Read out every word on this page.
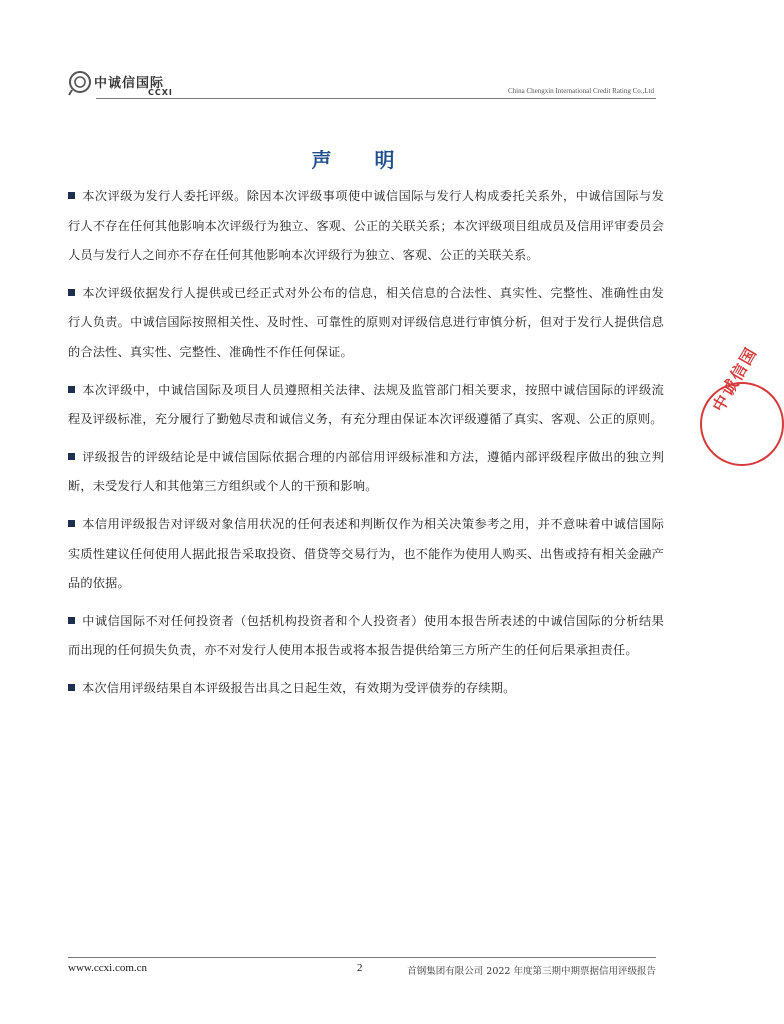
中诚信国际
CCXI	China Chengxin International Credit Rating Co.,Ltd
声 明

本次评级为发行人委托评级。除因本次评级事项使中诚信国际与发行人构成委托关系外，中诚信国际与发行人不存在任何其他影响本次评级行为独立、客观、公正的关联关系；本次评级项目组成员及信用评审委员会人员与发行人之间亦不存在任何其他影响本次评级行为独立、客观、公正的关联关系。

本次评级依据发行人提供或已经正式对外公布的信息，相关信息的合法性、真实性、完整性、准确性由发行人负责。中诚信国际按照相关性、及时性、可靠性的原则对评级信息进行审慎分析，但对于发行人提供信息的合法性、真实性、完整性、准确性不作任何保证。

本次评级中，中诚信国际及项目人员遵照相关法律、法规及监管部门相关要求，按照中诚信国际的评级流程及评级标准，充分履行了勤勉尽责和诚信义务，有充分理由保证本次评级遵循了真实、客观、公正的原则。

评级报告的评级结论是中诚信国际依据合理的内部信用评级标准和方法，遵循内部评级程序做出的独立判断，未受发行人和其他第三方组织或个人的干预和影响。

本信用评级报告对评级对象信用状况的任何表述和判断仅作为相关决策参考之用，并不意味着中诚信国际实质性建议任何使用人据此报告采取投资、借贷等交易行为，也不能作为使用人购买、出售或持有相关金融产品的依据。

中诚信国际不对任何投资者（包括机构投资者和个人投资者）使用本报告所表述的中诚信国际的分析结果而出现的任何损失负责，亦不对发行人使用本报告或将本报告提供给第三方所产生的任何后果承担责任。

本次信用评级结果自本评级报告出具之日起生效，有效期为受评债券的存续期。

中诚信国
www.ccxi.com.cn	2	首钢集团有限公司 2022 年度第三期中期票据信用评级报告
